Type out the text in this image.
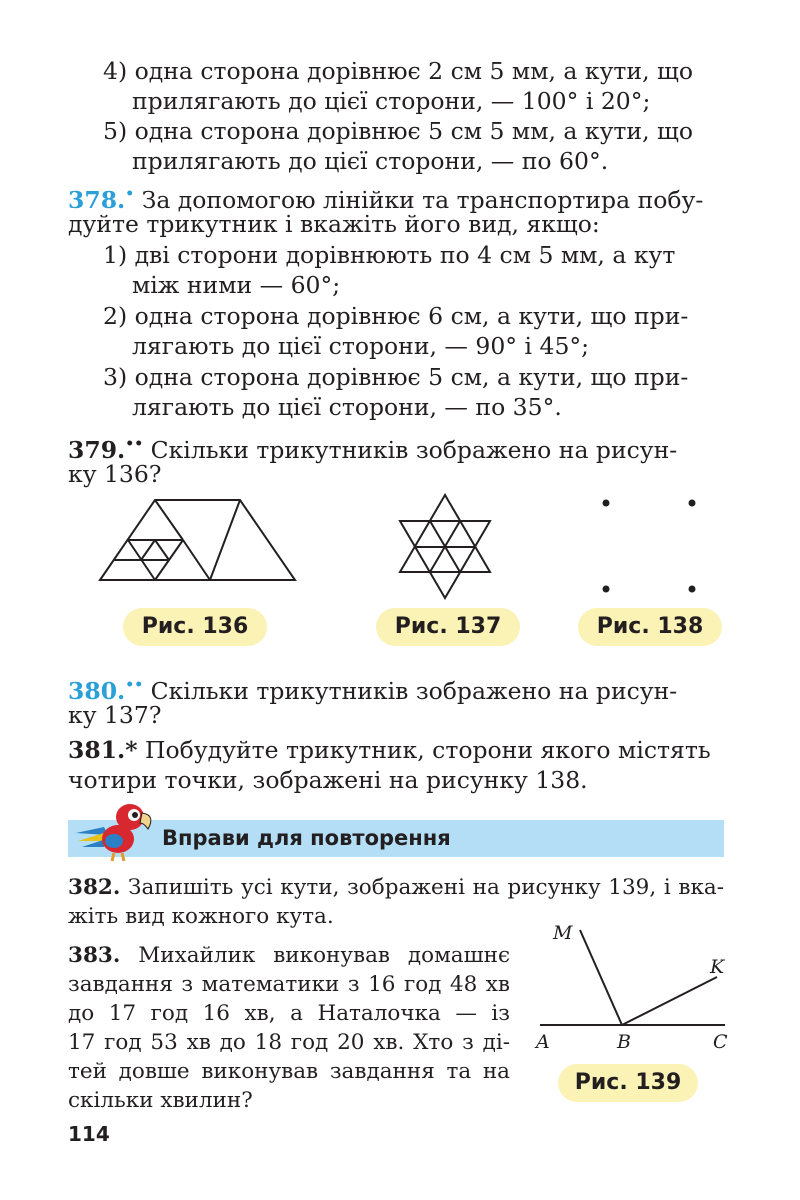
4) одна сторона дорівнює 2 см 5 мм, а кути, що
прилягають до цієї сторони, — 100° і 20°;
5) одна сторона дорівнює 5 см 5 мм, а кути, що
прилягають до цієї сторони, — по 60°.
378.• За допомогою лінійки та транспортира побу-
дуйте трикутник і вкажіть його вид, якщо:
1) дві сторони дорівнюють по 4 см 5 мм, а кут
між ними — 60°;
2) одна сторона дорівнює 6 см, а кути, що при-
лягають до цієї сторони, — 90° і 45°;
3) одна сторона дорівнює 5 см, а кути, що при-
лягають до цієї сторони, — по 35°.
379.•• Скільки трикутників зображено на рисун-
ку 136?
Рис. 136	Рис. 137	Рис. 138
380.•• Скільки трикутників зображено на рисун-
ку 137?
381.* Побудуйте трикутник, сторони якого містять
чотири точки, зображені на рисунку 138.
Вправи для повторення
382. Запишіть усі кути, зображені на рисунку 139, і вка-
жіть вид кожного кута.
383. Михайлик виконував домашнє
завдання з математики з 16 год 48 хв
до 17 год 16 хв, а Наталочка — із
17 год 53 хв до 18 год 20 хв. Хто з ді-
тей довше виконував завдання та на
скільки хвилин?
M
K
A	B	C
Рис. 139
114
